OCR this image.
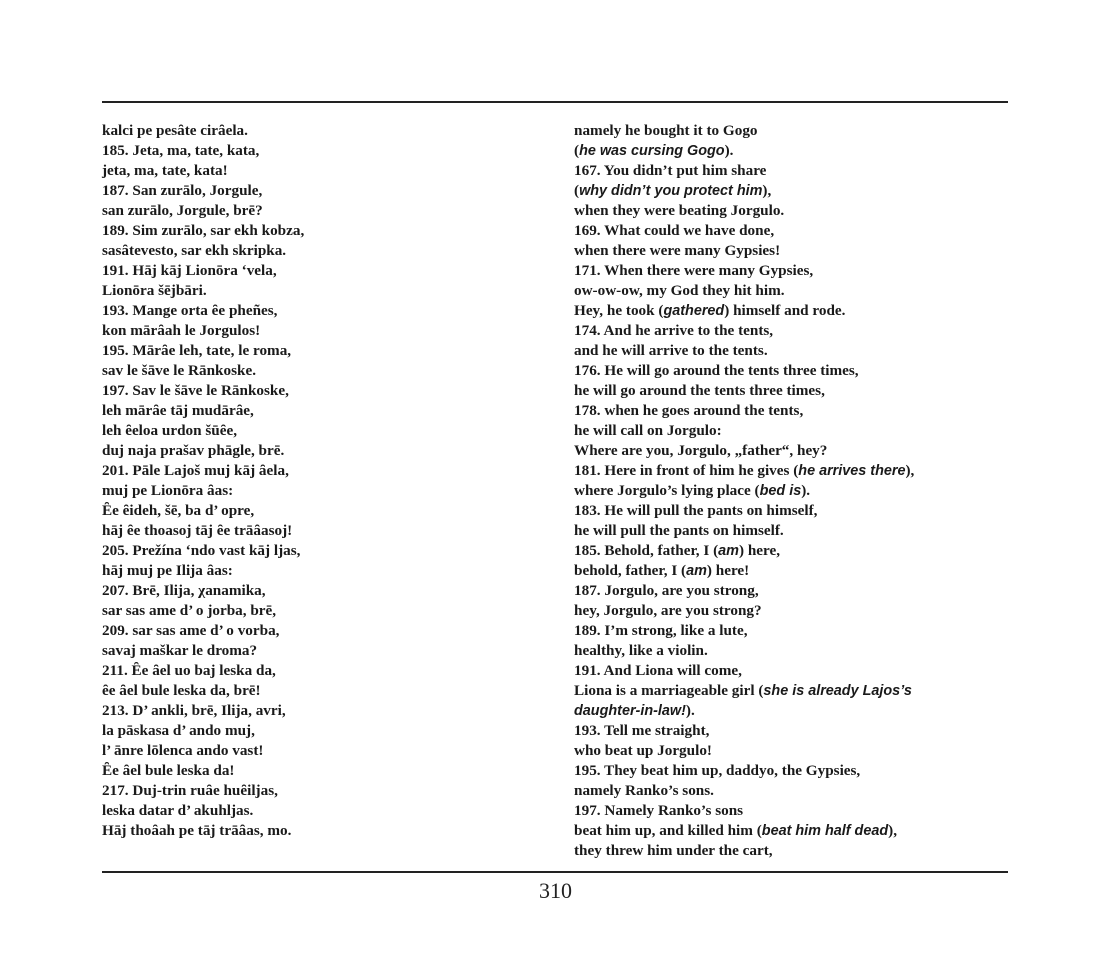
kalci pe pesȃte cirȃela.
185. Jeta, ma, tate, kata,
jeta, ma, tate, kata!
187. San zurālo, Jorgule,
san zurālo, Jorgule, brē?
189. Sim zurālo, sar ekh kobza,
sasȃtevesto, sar ekh skripka.
191. Hāj kāj Lionōra ‘vela,
Lionōra šējbāri.
193. Mange orta ȇe pheñes,
kon mārȃah le Jorgulos!
195. Mārȃe leh, tate, le roma,
sav le šāve le Rānkoske.
197. Sav le šāve le Rānkoske,
leh mārȃe tāj mudārȃe,
leh ȇeloa urdon šūȇe,
duj naja prašav phāgle, brē.
201. Pāle Lajoš muj kāj ȃela,
muj pe Lionōra ȃas:
Ȇe ȇideh, šē, ba d’ opre,
hāj ȇe thoasoj tāj ȇe trāȃasoj!
205. Prežína ‘ndo vast kāj ljas,
hāj muj pe Ilija ȃas:
207. Brē, Ilija, χanamika,
sar sas ame d’ o jorba, brē,
209. sar sas ame d’ o vorba,
savaj maškar le droma?
211. Ȇe ȃel uo baj leska da,
ȇe ȃel bule leska da, brē!
213. D’ ankli, brē, Ilija, avri,
la pāskasa d’ ando muj,
l’ ānre lōlenca ando vast!
Ȇe ȃel bule leska da!
217. Duj-trin ruȃe huȇiljas,
leska datar d’ akuhljas.
Hāj thoȃah pe tāj trāȃas, mo.
namely he bought it to Gogo
(he was cursing Gogo).
167. You didn’t put him share
(why didn’t you protect him),
when they were beating Jorgulo.
169. What could we have done,
when there were many Gypsies!
171. When there were many Gypsies,
ow-ow-ow, my God they hit him.
Hey, he took (gathered) himself and rode.
174. And he arrive to the tents,
and he will arrive to the tents.
176. He will go around the tents three times,
he will go around the tents three times,
178. when he goes around the tents,
he will call on Jorgulo:
Where are you, Jorgulo, „father“, hey?
181. Here in front of him he gives (he arrives there),
where Jorgulo’s lying place (bed is).
183. He will pull the pants on himself,
he will pull the pants on himself.
185. Behold, father, I (am) here,
behold, father, I (am) here!
187. Jorgulo, are you strong,
hey, Jorgulo, are you strong?
189. I’m strong, like a lute,
healthy, like a violin.
191. And Liona will come,
Liona is a marriageable girl (she is already Lajos’s
daughter-in-law!).
193. Tell me straight,
who beat up Jorgulo!
195. They beat him up, daddyo, the Gypsies,
namely Ranko’s sons.
197. Namely Ranko’s sons
beat him up, and killed him (beat him half dead),
they threw him under the cart,
310
